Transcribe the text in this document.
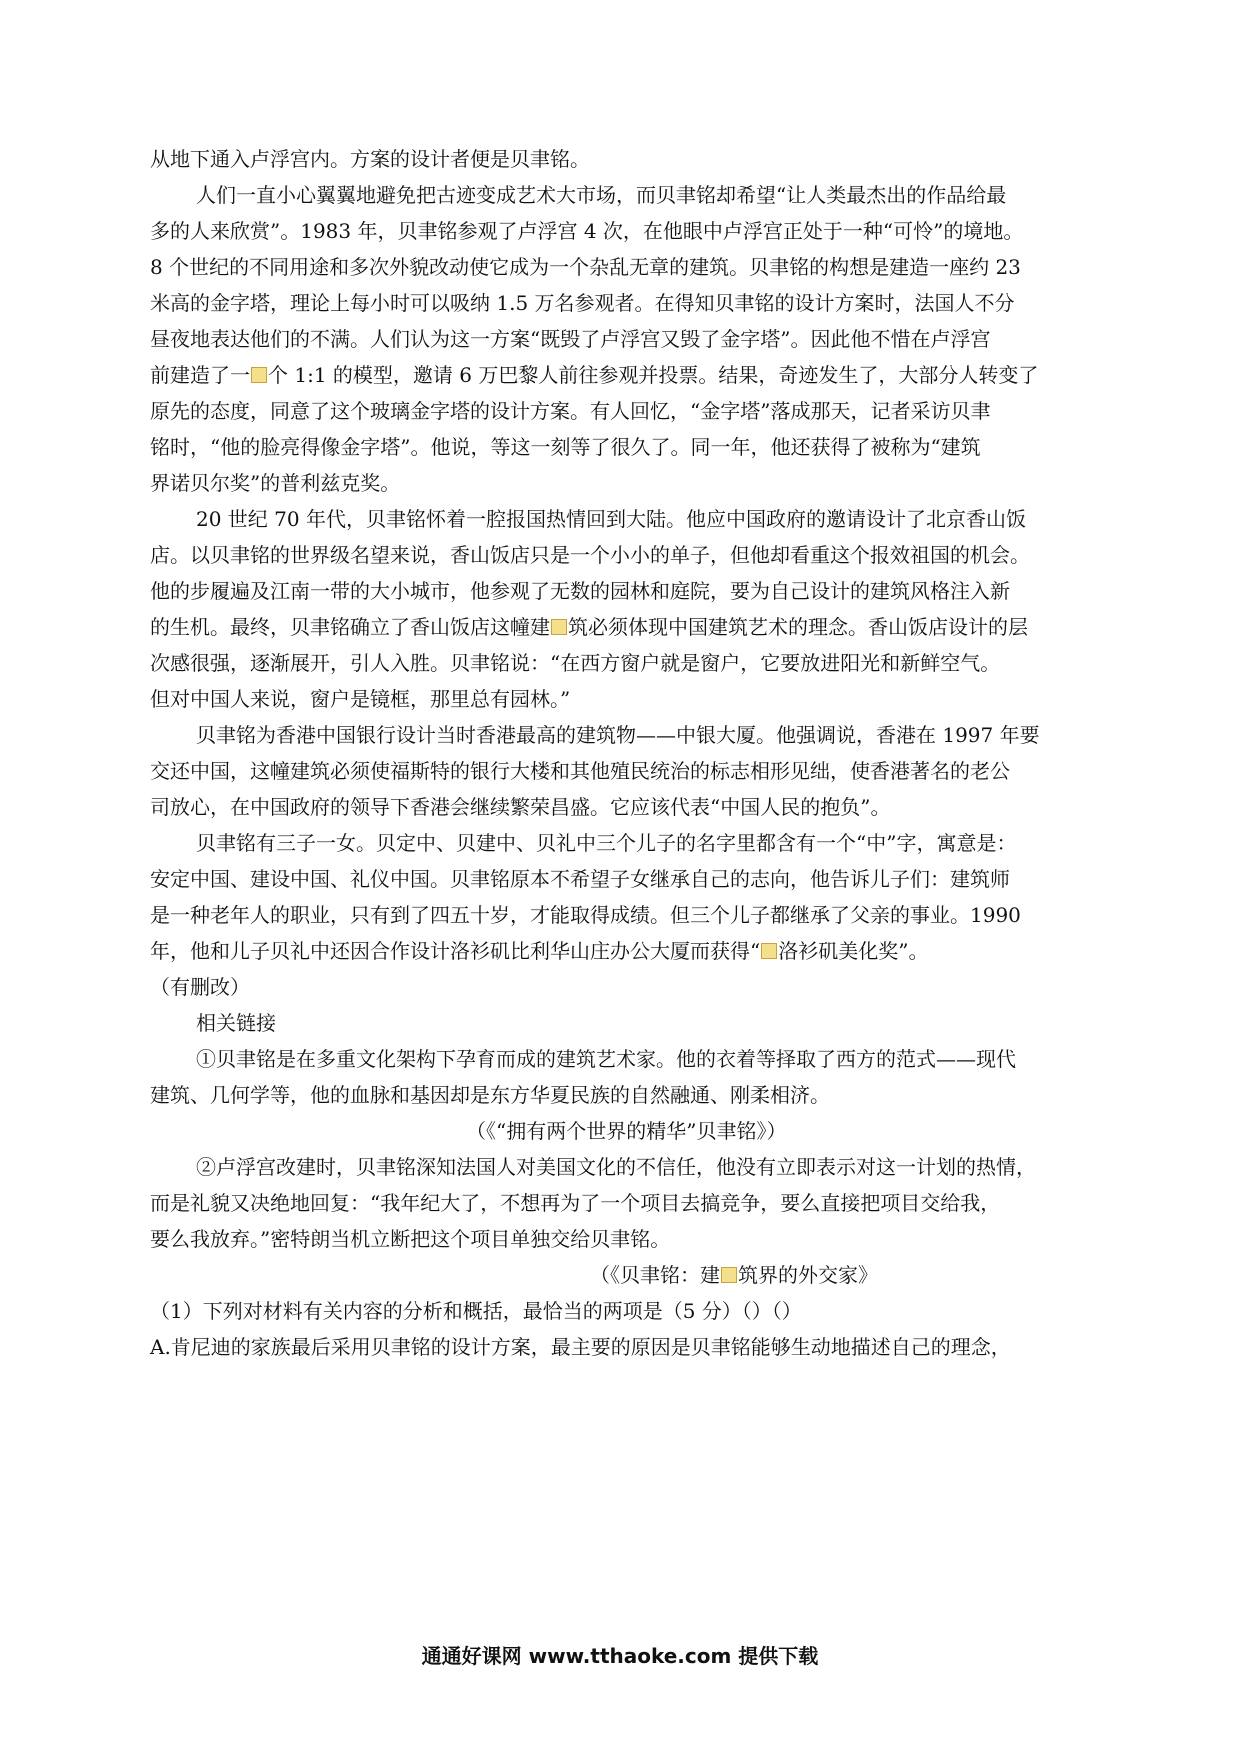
从地下通入卢浮宫内。方案的设计者便是贝聿铭。
人们一直小心翼翼地避免把古迹变成艺术大市场，而贝聿铭却希望“让人类最杰出的作品给最
多的人来欣赏”。1983 年，贝聿铭参观了卢浮宫 4 次，在他眼中卢浮宫正处于一种“可怜”的境地。
8 个世纪的不同用途和多次外貌改动使它成为一个杂乱无章的建筑。贝聿铭的构想是建造一座约 23
米高的金字塔，理论上每小时可以吸纳 1.5 万名参观者。在得知贝聿铭的设计方案时，法国人不分
昼夜地表达他们的不满。人们认为这一方案“既毁了卢浮宫又毁了金字塔”。因此他不惜在卢浮宫
前建造了一 个 1:1 的模型，邀请 6 万巴黎人前往参观并投票。结果，奇迹发生了，大部分人转变了
原先的态度，同意了这个玻璃金字塔的设计方案。有人回忆，“金字塔”落成那天，记者采访贝聿
铭时，“他的脸亮得像金字塔”。他说，等这一刻等了很久了。同一年，他还获得了被称为“建筑
界诺贝尔奖”的普利兹克奖。
20 世纪 70 年代，贝聿铭怀着一腔报国热情回到大陆。他应中国政府的邀请设计了北京香山饭
店。以贝聿铭的世界级名望来说，香山饭店只是一个小小的单子，但他却看重这个报效祖国的机会。
他的步履遍及江南一带的大小城市，他参观了无数的园林和庭院，要为自己设计的建筑风格注入新
的生机。最终，贝聿铭确立了香山饭店这幢建 筑必须体现中国建筑艺术的理念。香山饭店设计的层
次感很强，逐渐展开，引人入胜。贝聿铭说：“在西方窗户就是窗户，它要放进阳光和新鲜空气。
但对中国人来说，窗户是镜框，那里总有园林。”
贝聿铭为香港中国银行设计当时香港最高的建筑物——中银大厦。他强调说，香港在 1997 年要
交还中国，这幢建筑必须使福斯特的银行大楼和其他殖民统治的标志相形见绌，使香港著名的老公
司放心，在中国政府的领导下香港会继续繁荣昌盛。它应该代表“中国人民的抱负”。
贝聿铭有三子一女。贝定中、贝建中、贝礼中三个儿子的名字里都含有一个“中”字，寓意是：
安定中国、建设中国、礼仪中国。贝聿铭原本不希望子女继承自己的志向，他告诉儿子们：建筑师
是一种老年人的职业，只有到了四五十岁，才能取得成绩。但三个儿子都继承了父亲的事业。1990
年，他和儿子贝礼中还因合作设计洛衫矶比利华山庄办公大厦而获得“ 洛衫矶美化奖”。
（有删改）
相关链接
①贝聿铭是在多重文化架构下孕育而成的建筑艺术家。他的衣着等择取了西方的范式——现代
建筑、几何学等，他的血脉和基因却是东方华夏民族的自然融通、刚柔相济。
（《“拥有两个世界的精华”贝聿铭》）
②卢浮宫改建时，贝聿铭深知法国人对美国文化的不信任，他没有立即表示对这一计划的热情，
而是礼貌又决绝地回复：“我年纪大了，不想再为了一个项目去搞竞争，要么直接把项目交给我，
要么我放弃。”密特朗当机立断把这个项目单独交给贝聿铭。
（《贝聿铭：建 筑界的外交家》
（1）下列对材料有关内容的分析和概括，最恰当的两项是（5 分）（）（）
A.肯尼迪的家族最后采用贝聿铭的设计方案，最主要的原因是贝聿铭能够生动地描述自己的理念，
通通好课网 www.tthaoke.com 提供下载
